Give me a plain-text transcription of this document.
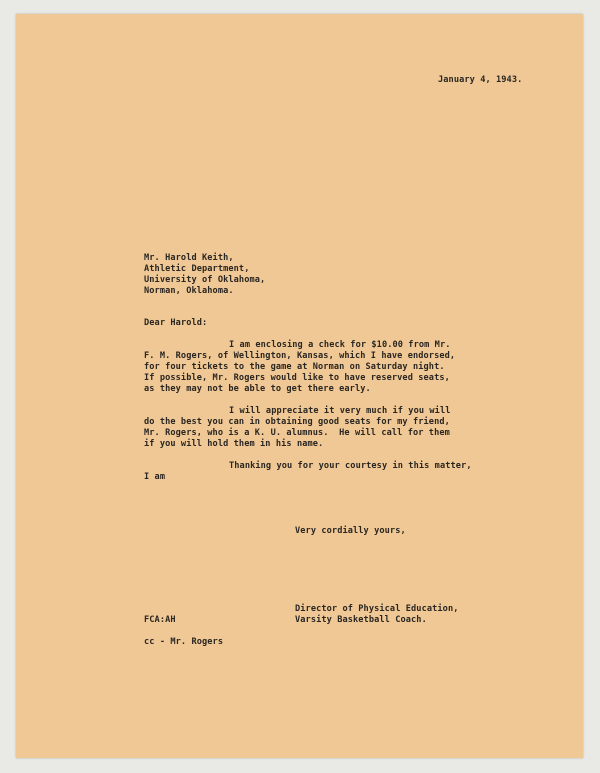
January 4, 1943.
Mr. Harold Keith,
Athletic Department,
University of Oklahoma,
Norman, Oklahoma.
Dear Harold:
I am enclosing a check for $10.00 from Mr.
F. M. Rogers, of Wellington, Kansas, which I have endorsed,
for four tickets to the game at Norman on Saturday night.
If possible, Mr. Rogers would like to have reserved seats,
as they may not be able to get there early.
I will appreciate it very much if you will
do the best you can in obtaining good seats for my friend,
Mr. Rogers, who is a K. U. alumnus.  He will call for them
if you will hold them in his name.
Thanking you for your courtesy in this matter,
I am
Very cordially yours,
Director of Physical Education,
Varsity Basketball Coach.
FCA:AH
cc - Mr. Rogers
